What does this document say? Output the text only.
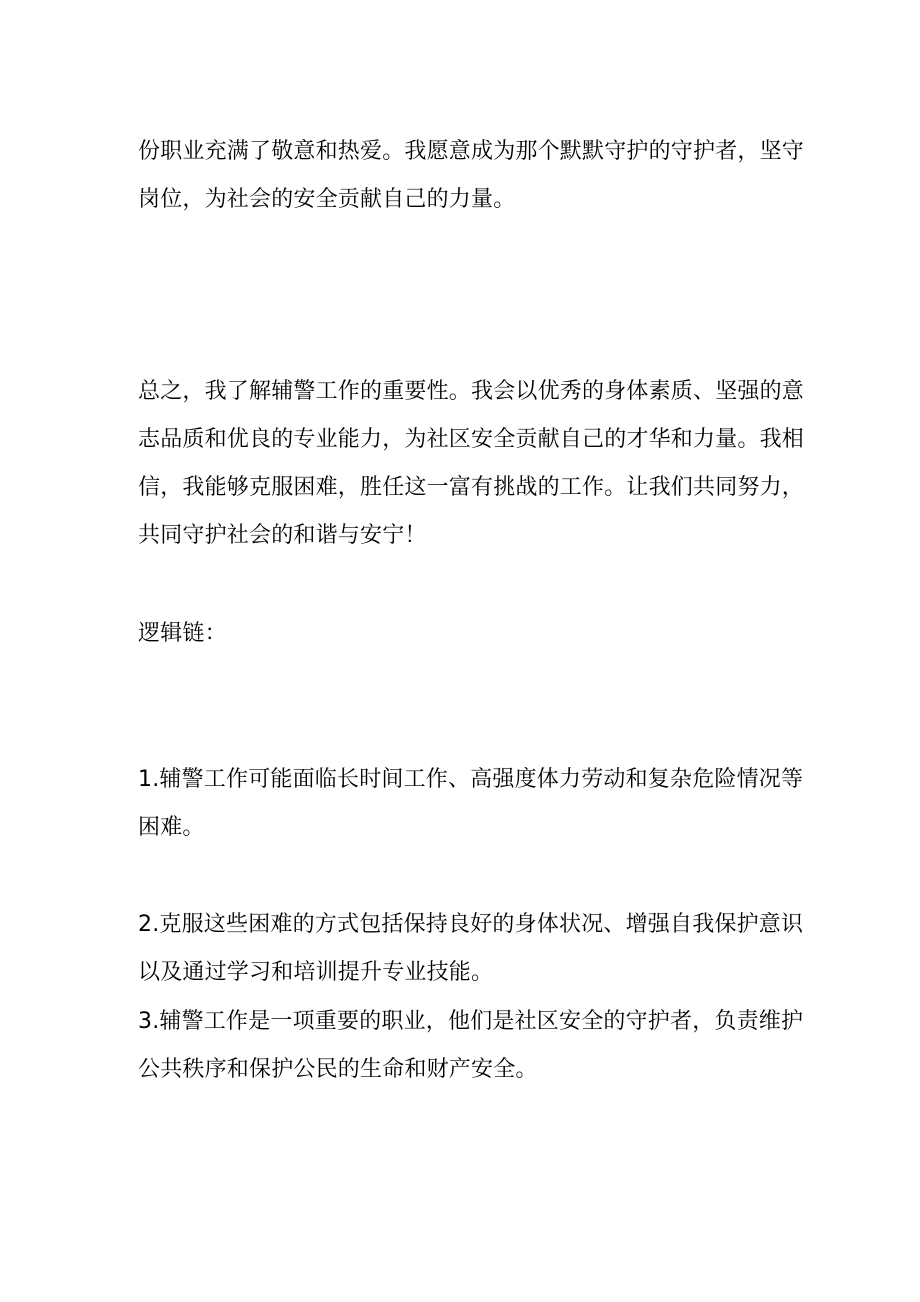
份职业充满了敬意和热爱。我愿意成为那个默默守护的守护者，坚守
岗位，为社会的安全贡献自己的力量。
总之，我了解辅警工作的重要性。我会以优秀的身体素质、坚强的意
志品质和优良的专业能力，为社区安全贡献自己的才华和力量。我相
信，我能够克服困难，胜任这一富有挑战的工作。让我们共同努力，
共同守护社会的和谐与安宁！
逻辑链：
1.辅警工作可能面临长时间工作、高强度体力劳动和复杂危险情况等
困难。
2.克服这些困难的方式包括保持良好的身体状况、增强自我保护意识
以及通过学习和培训提升专业技能。
3.辅警工作是一项重要的职业，他们是社区安全的守护者，负责维护
公共秩序和保护公民的生命和财产安全。
